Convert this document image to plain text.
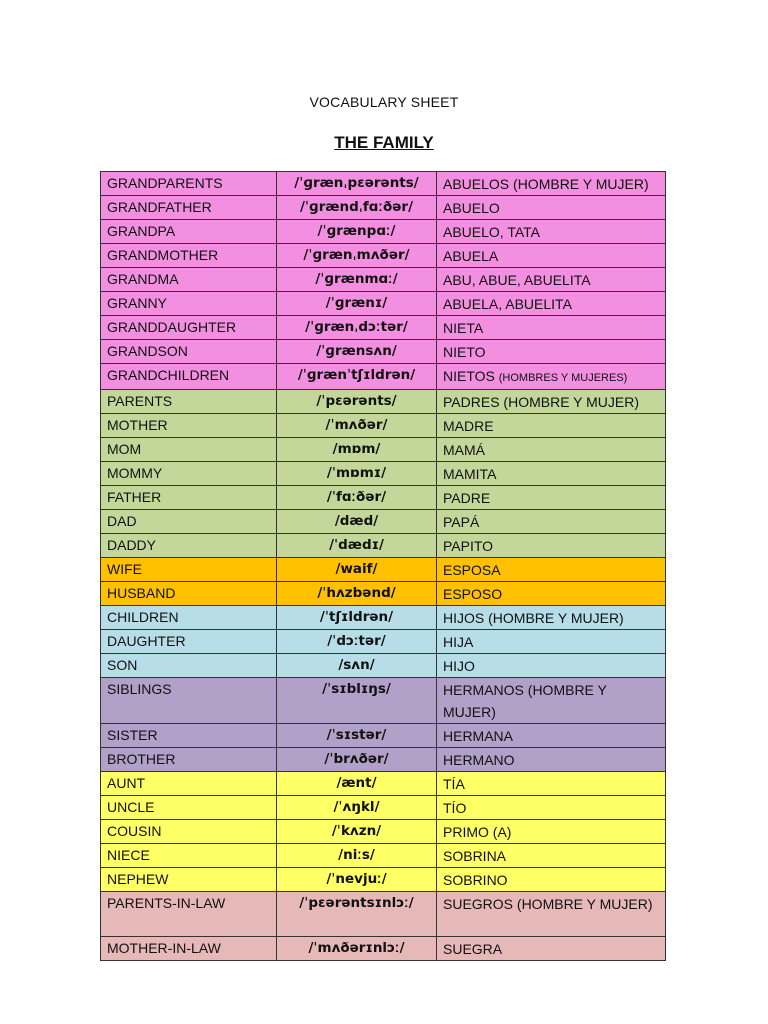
VOCABULARY SHEET
THE FAMILY
GRANDPARENTS	/ˈɡrænˌpɛərənts/	ABUELOS (HOMBRE Y MUJER)
GRANDFATHER	/ˈɡrændˌfɑːðər/	ABUELO
GRANDPA	/ˈɡrænpɑː/	ABUELO, TATA
GRANDMOTHER	/ˈɡrænˌmʌðər/	ABUELA
GRANDMA	/ˈɡrænmɑː/	ABU, ABUE, ABUELITA
GRANNY	/ˈɡrænɪ/	ABUELA, ABUELITA
GRANDDAUGHTER	/ˈɡrænˌdɔːtər/	NIETA
GRANDSON	/ˈɡrænsʌn/	NIETO
GRANDCHILDREN	/ˈɡrænˈtʃɪldrən/	NIETOS (HOMBRES Y MUJERES)
PARENTS	/ˈpɛərənts/	PADRES (HOMBRE Y MUJER)
MOTHER	/ˈmʌðər/	MADRE
MOM	/mɒm/	MAMÁ
MOMMY	/ˈmɒmɪ/	MAMITA
FATHER	/ˈfɑːðər/	PADRE
DAD	/dæd/	PAPÁ
DADDY	/ˈdædɪ/	PAPITO
WIFE	/waif/	ESPOSA
HUSBAND	/ˈhʌzbənd/	ESPOSO
CHILDREN	/ˈtʃɪldrən/	HIJOS (HOMBRE Y MUJER)
DAUGHTER	/ˈdɔːtər/	HIJA
SON	/sʌn/	HIJO
SIBLINGS	/ˈsɪblɪŋs/	HERMANOS (HOMBRE Y MUJER)
SISTER	/ˈsɪstər/	HERMANA
BROTHER	/ˈbrʌðər/	HERMANO
AUNT	/ænt/	TÍA
UNCLE	/ˈʌŋkl/	TÍO
COUSIN	/ˈkʌzn/	PRIMO (A)
NIECE	/niːs/	SOBRINA
NEPHEW	/ˈnevjuː/	SOBRINO
PARENTS-IN-LAW	/ˈpɛərəntsɪnlɔː/	SUEGROS (HOMBRE Y MUJER)
MOTHER-IN-LAW	/ˈmʌðərɪnlɔː/	SUEGRA
